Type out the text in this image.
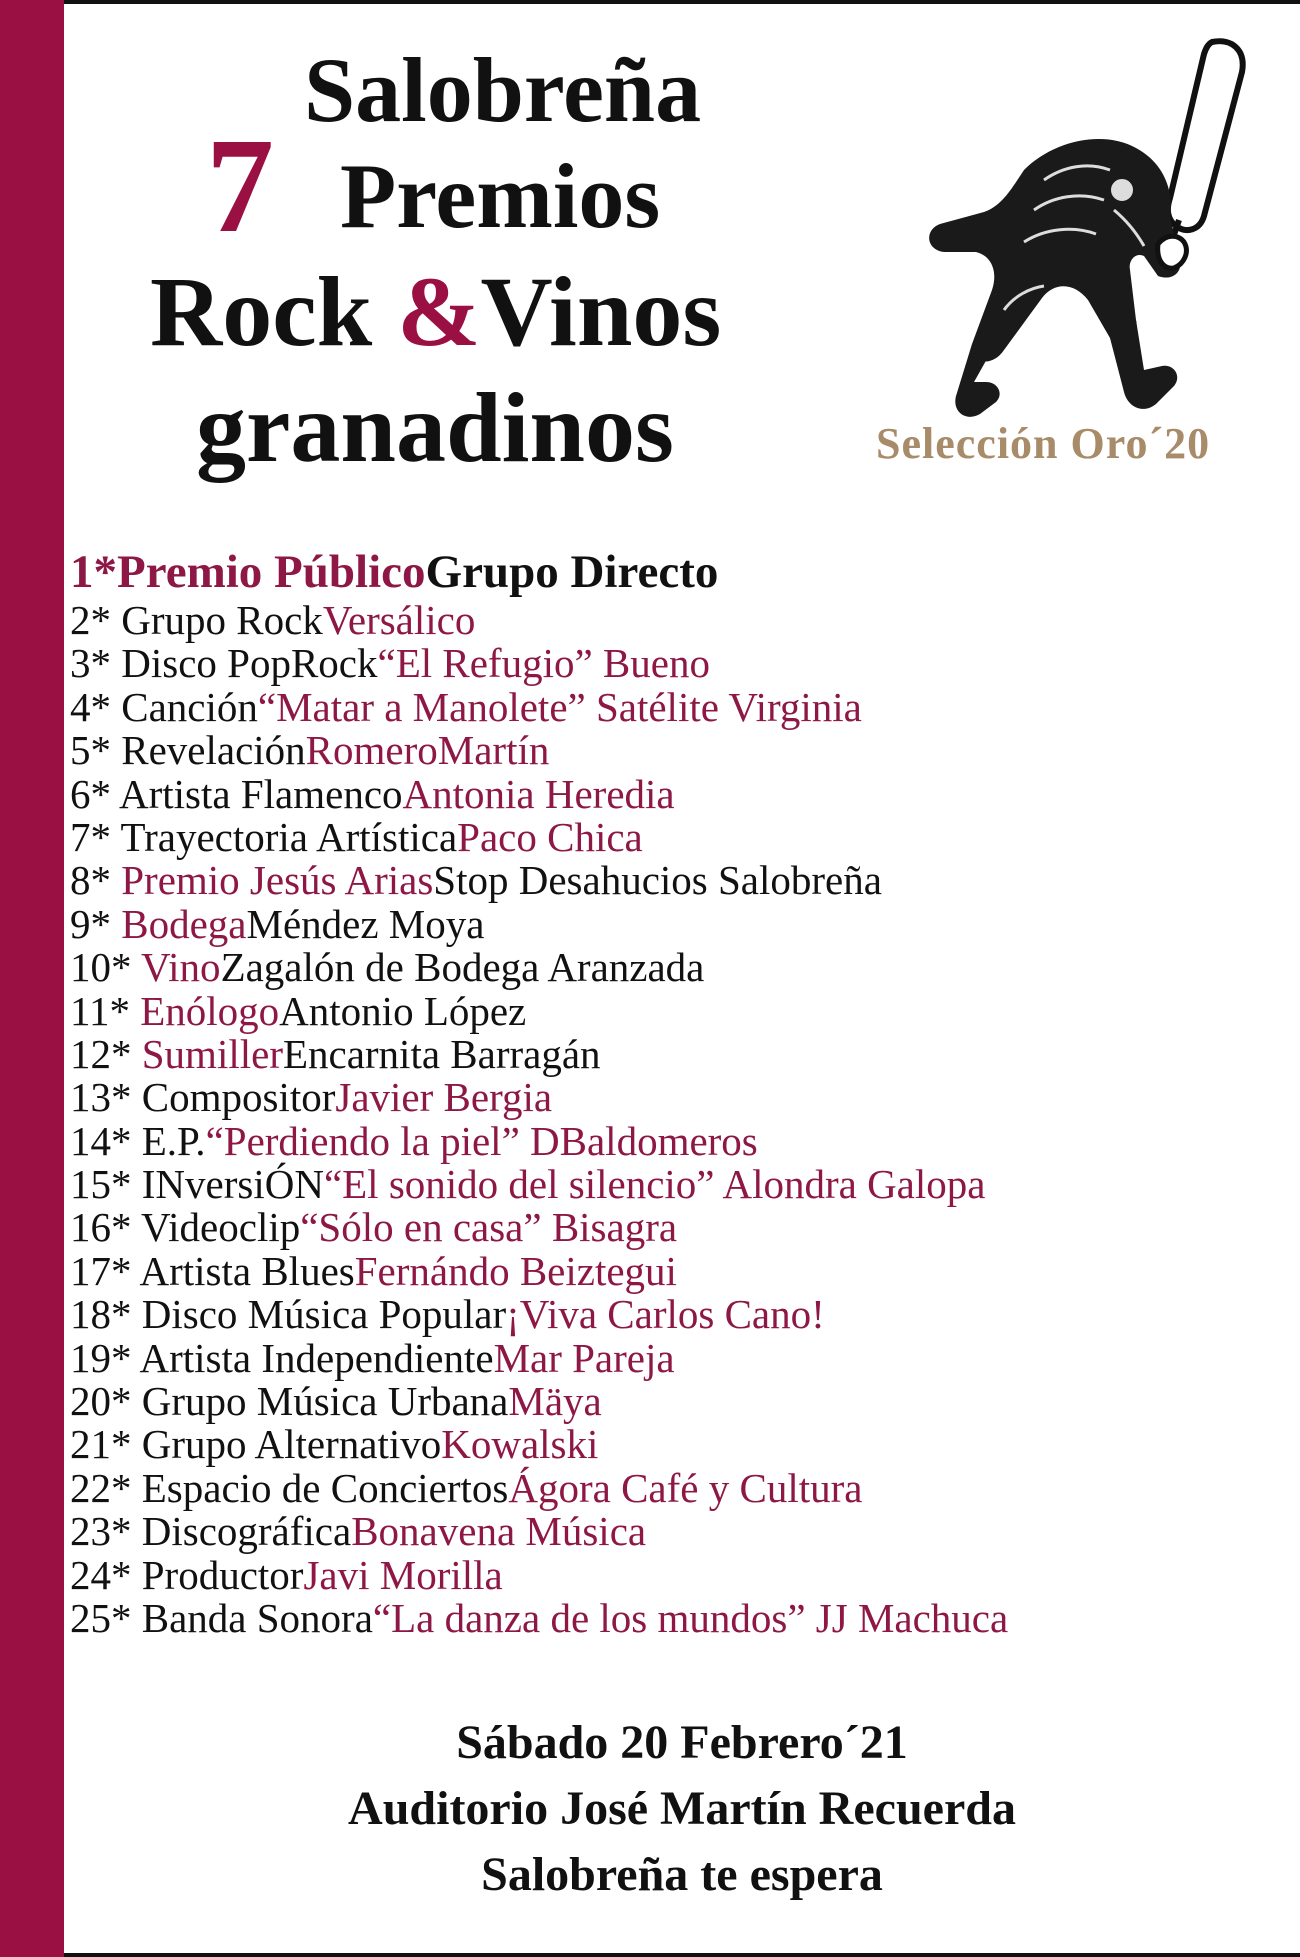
7
Salobreña
Premios
Rock &Vinos
granadinos	Selección Oro´20
1*Premio PúblicoGrupo Directo
2* Grupo RockVersálico
3* Disco PopRock“El Refugio” Bueno
4* Canción“Matar a Manolete” Satélite Virginia
5* RevelaciónRomeroMartín
6* Artista FlamencoAntonia Heredia
7* Trayectoria ArtísticaPaco Chica
8* Premio Jesús AriasStop Desahucios Salobreña
9* BodegaMéndez Moya
10* VinoZagalón de Bodega Aranzada
11* EnólogoAntonio López
12* SumillerEncarnita Barragán
13* CompositorJavier Bergia
14* E.P.“Perdiendo la piel” DBaldomeros
15* INversiÓN“El sonido del silencio” Alondra Galopa
16* Videoclip“Sólo en casa” Bisagra
17* Artista BluesFernándo Beiztegui
18* Disco Música Popular¡Viva Carlos Cano!
19* Artista IndependienteMar Pareja
20* Grupo Música UrbanaMäya
21* Grupo AlternativoKowalski
22* Espacio de ConciertosÁgora Café y Cultura
23* DiscográficaBonavena Música
24* ProductorJavi Morilla
25* Banda Sonora“La danza de los mundos” JJ Machuca
Sábado 20 Febrero´21
Auditorio José Martín Recuerda
Salobreña te espera
